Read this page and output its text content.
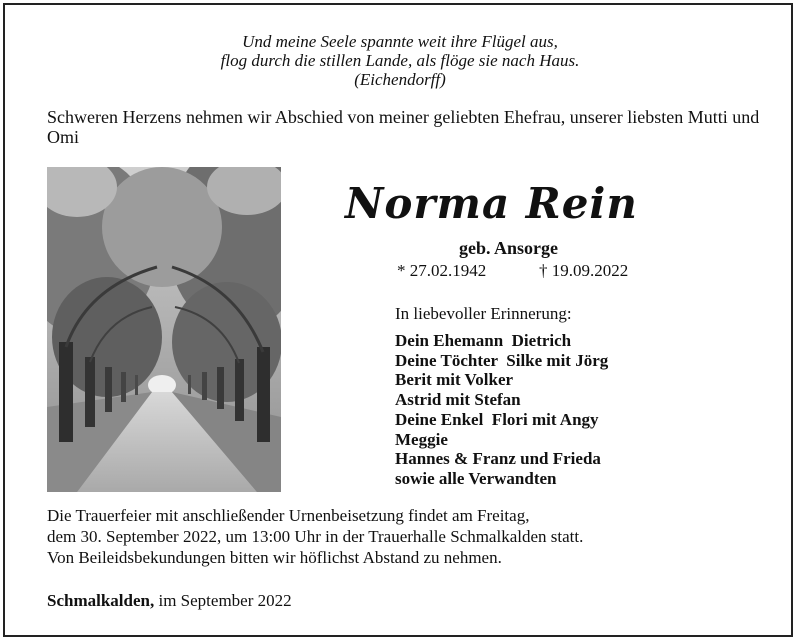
Und meine Seele spannte weit ihre Flügel aus,
flog durch die stillen Lande, als flöge sie nach Haus.
(Eichendorff)
Schweren Herzens nehmen wir Abschied von meiner geliebten Ehefrau, unserer liebsten Mutti und Omi
Norma Rein
geb. Ansorge
* 27.02.1942	† 19.09.2022
In liebevoller Erinnerung:
Dein Ehemann  Dietrich
Deine Töchter  Silke mit Jörg
Berit mit Volker
Astrid mit Stefan
Deine Enkel  Flori mit Angy
Meggie
Hannes & Franz und Frieda
sowie alle Verwandten
Die Trauerfeier mit anschließender Urnenbeisetzung findet am Freitag,
dem 30. September 2022, um 13:00 Uhr in der Trauerhalle Schmalkalden statt.
Von Beileidsbekundungen bitten wir höflichst Abstand zu nehmen.
Schmalkalden, im September 2022
